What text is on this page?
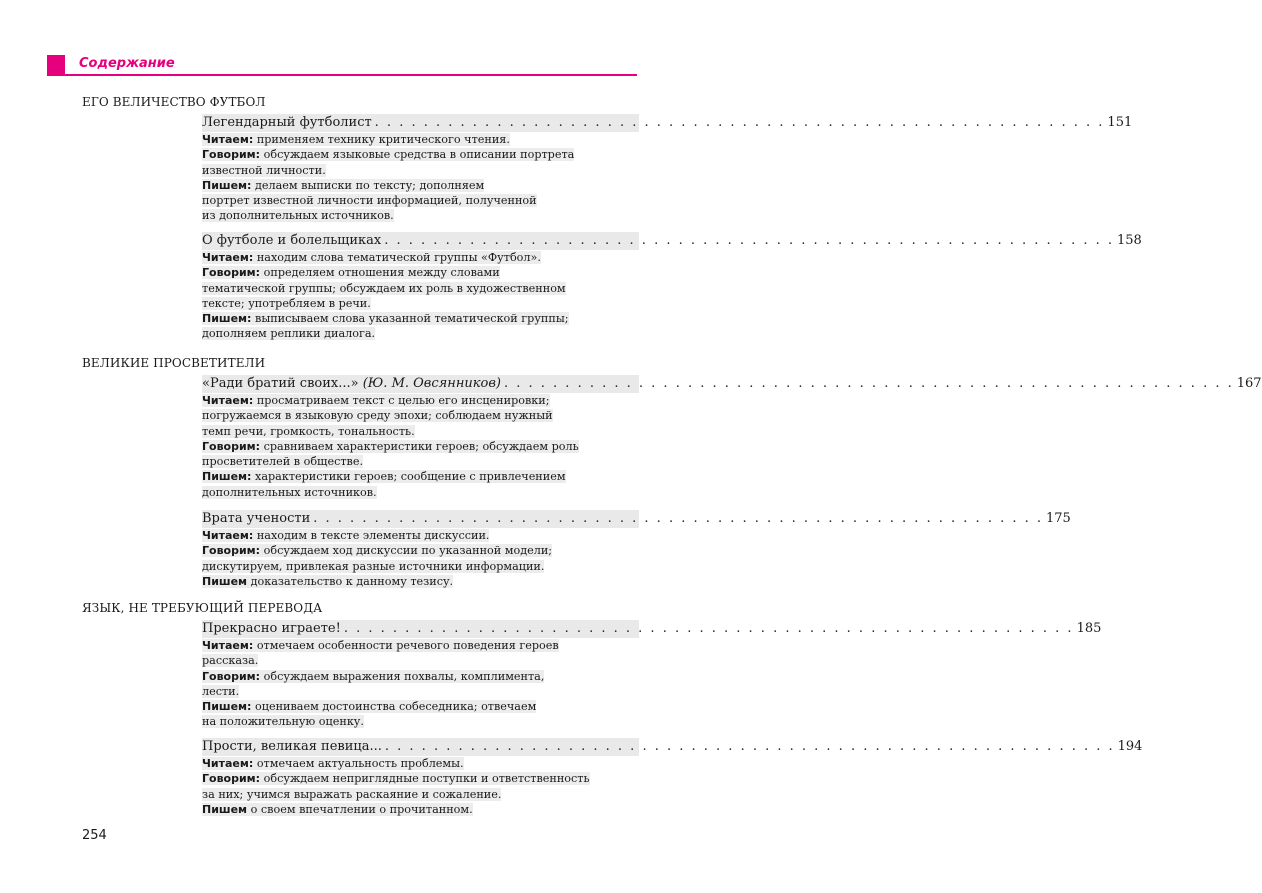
Содержание
ЕГО ВЕЛИЧЕСТВО ФУТБОЛ
Легендарный футболист . . . . . . . . . . . . . . . . . . . . . . . . . . . . . . . . . . . . . . . . . . . . . . . . . . . . . . . . . . . . 151
Читаем: применяем технику критического чтения.
Говорим: обсуждаем языковые средства в описании портрета
известной личности.
Пишем: делаем выписки по тексту; дополняем
портрет известной личности информацией, полученной
из дополнительных источников.
О футболе и болельщиках . . . . . . . . . . . . . . . . . . . . . . . . . . . . . . . . . . . . . . . . . . . . . . . . . . . . . . . . . . . . 158
Читаем: находим слова тематической группы «Футбол».
Говорим: определяем отношения между словами
тематической группы; обсуждаем их роль в художественном
тексте; употребляем в речи.
Пишем: выписываем слова указанной тематической группы;
дополняем реплики диалога.
ВЕЛИКИЕ ПРОСВЕТИТЕЛИ
«Ради братий своих...» (Ю. М. Овсянников) . . . . . . . . . . . . . . . . . . . . . . . . . . . . . . . . . . . . . . . . . . . . . . . . . . . . . . . . . . . . 167
Читаем: просматриваем текст с целью его инсценировки;
погружаемся в языковую среду эпохи; соблюдаем нужный
темп речи, громкость, тональность.
Говорим: сравниваем характеристики героев; обсуждаем роль
просветителей в обществе.
Пишем: характеристики героев; сообщение с привлечением
дополнительных источников.
Врата учености . . . . . . . . . . . . . . . . . . . . . . . . . . . . . . . . . . . . . . . . . . . . . . . . . . . . . . . . . . . . 175
Читаем: находим в тексте элементы дискуссии.
Говорим: обсуждаем ход дискуссии по указанной модели;
дискутируем, привлекая разные источники информации.
Пишем доказательство к данному тезису.
ЯЗЫК, НЕ ТРЕБУЮЩИЙ ПЕРЕВОДА
Прекрасно играете! . . . . . . . . . . . . . . . . . . . . . . . . . . . . . . . . . . . . . . . . . . . . . . . . . . . . . . . . . . . . 185
Читаем: отмечаем особенности речевого поведения героев
рассказа.
Говорим: обсуждаем выражения похвалы, комплимента,
лести.
Пишем: оцениваем достоинства собеседника; отвечаем
на положительную оценку.
Прости, великая певица... . . . . . . . . . . . . . . . . . . . . . . . . . . . . . . . . . . . . . . . . . . . . . . . . . . . . . . . . . . . . 194
Читаем: отмечаем актуальность проблемы.
Говорим: обсуждаем неприглядные поступки и ответственность
за них; учимся выражать раскаяние и сожаление.
Пишем о своем впечатлении о прочитанном.
254
